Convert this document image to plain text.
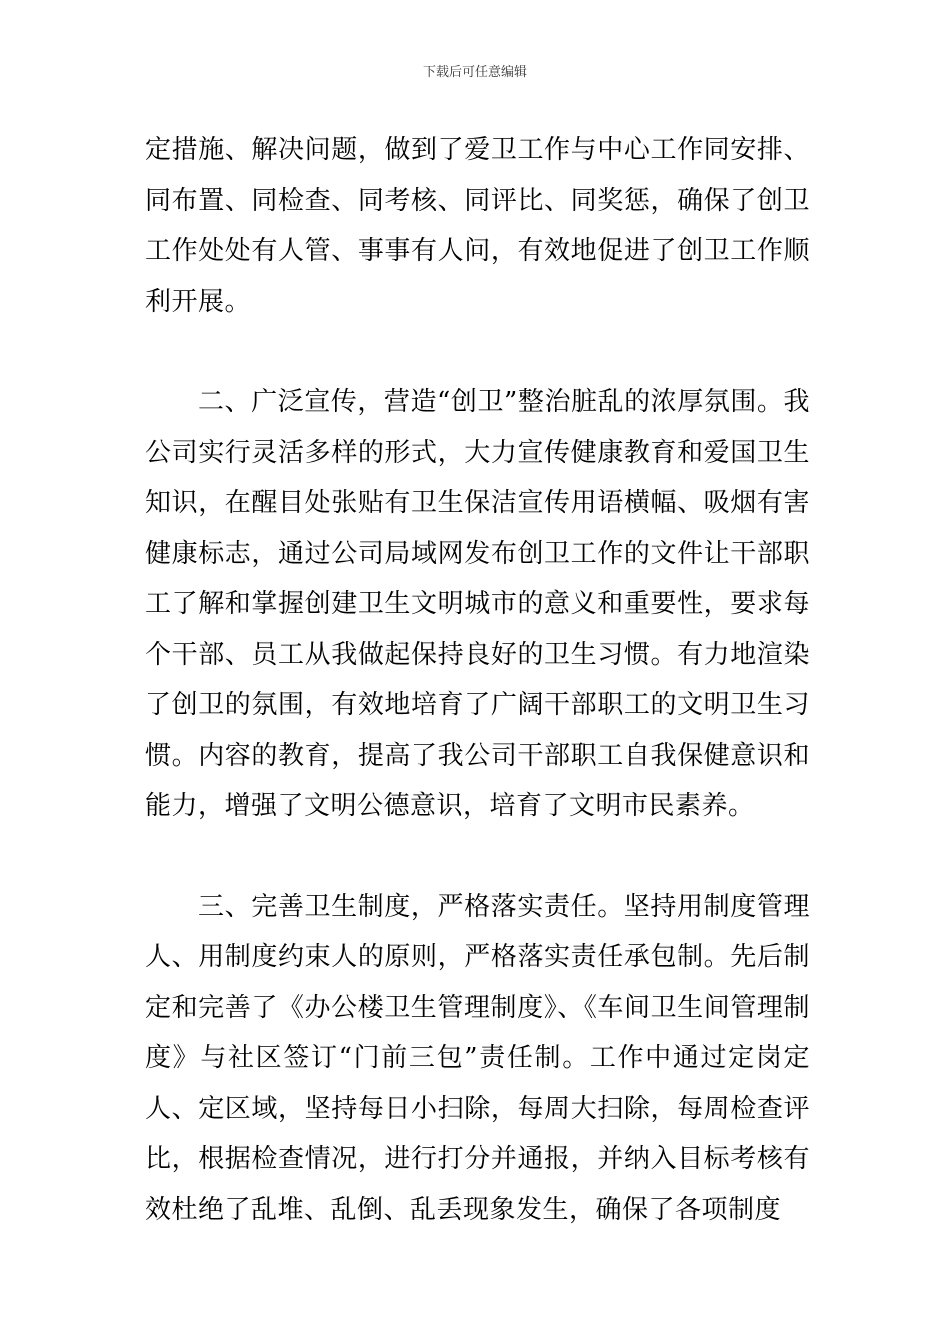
下载后可任意编辑

定措施、解决问题，做到了爱卫工作与中心工作同安排、同布置、同检查、同考核、同评比、同奖惩，确保了创卫工作处处有人管、事事有人问，有效地促进了创卫工作顺利开展。

二、广泛宣传，营造“创卫”整治脏乱的浓厚氛围。我公司实行灵活多样的形式，大力宣传健康教育和爱国卫生知识，在醒目处张贴有卫生保洁宣传用语横幅、吸烟有害健康标志，通过公司局域网发布创卫工作的文件让干部职工了解和掌握创建卫生文明城市的意义和重要性，要求每个干部、员工从我做起保持良好的卫生习惯。有力地渲染了创卫的氛围，有效地培育了广阔干部职工的文明卫生习惯。内容的教育，提高了我公司干部职工自我保健意识和能力，增强了文明公德意识，培育了文明市民素养。

三、完善卫生制度，严格落实责任。坚持用制度管理人、用制度约束人的原则，严格落实责任承包制。先后制定和完善了《办公楼卫生管理制度》、《车间卫生间管理制度》与社区签订“门前三包”责任制。工作中通过定岗定人、定区域，坚持每日小扫除，每周大扫除，每周检查评比，根据检查情况，进行打分并通报，并纳入目标考核有效杜绝了乱堆、乱倒、乱丢现象发生，确保了各项制度
